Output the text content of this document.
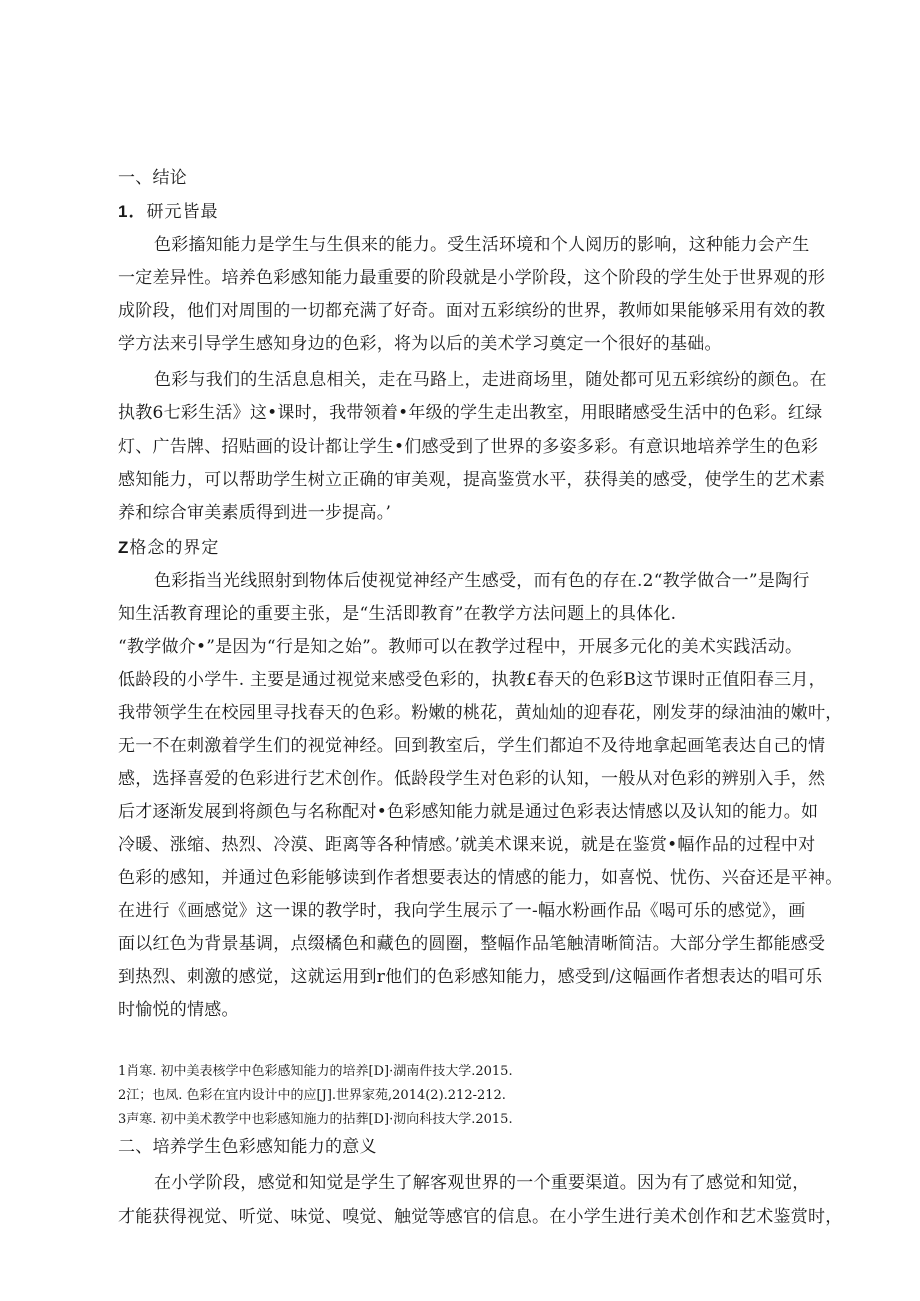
一、结论
1．研元皆最
色彩搐知能力是学生与生俱来的能力。受生活环境和个人阅历的影响，这种能力会产生
一定差异性。培养色彩感知能力最重要的阶段就是小学阶段，这个阶段的学生处于世界观的形
成阶段，他们对周围的一切都充满了好奇。面对五彩缤纷的世界，教师如果能够采用有效的教
学方法来引导学生感知身边的色彩，将为以后的美术学习奠定一个很好的基础。
色彩与我们的生活息息相关，走在马路上，走进商场里，随处都可见五彩缤纷的颜色。在
执教6七彩生活》这•课时，我带领着•年级的学生走出教室，用眼睹感受生活中的色彩。红绿
灯、广告牌、招贴画的设计都让学生•们感受到了世界的多姿多彩。有意识地培养学生的色彩
感知能力，可以帮助学生树立正确的审美观，提高鉴赏水平，获得美的感受，使学生的艺术素
养和综合审美素质得到进一步提高。’
Z格念的界定
色彩指当光线照射到物体后使视觉神经产生感受，而有色的存在.2“教学做合一”是陶行
知生活教育理论的重要主张，是“生活即教育”在教学方法问题上的具体化.
“教学做介•”是因为“行是知之始”。教师可以在教学过程中，开展多元化的美术实践活动。
低龄段的小学牛. 主要是通过视觉来感受色彩的，执教£春天的色彩B这节课时正值阳春三月，
我带领学生在校园里寻找春天的色彩。粉嫩的桃花，黄灿灿的迎春花，刚发芽的绿油油的嫩叶，
无一不在刺激着学生们的视觉神经。回到教室后，学生们都迫不及待地拿起画笔表达自己的情
感，选择喜爱的色彩进行艺术创作。低龄段学生对色彩的认知，一般从对色彩的辨别入手，然
后才逐渐发展到将颜色与名称配对•色彩感知能力就是通过色彩表达情感以及认知的能力。如
冷暖、涨缩、热烈、冷漠、距离等各种情感。’就美术课来说，就是在鉴赏•幅作品的过程中对
色彩的感知，并通过色彩能够读到作者想要表达的情感的能力，如喜悦、忧伤、兴奋还是平神。
在进行《画感觉》这一课的教学时，我向学生展示了一-幅水粉画作品《喝可乐的感觉》，画
面以红色为背景基调，点缀橘色和藏色的圆圈，整幅作品笔触清晰简洁。大部分学生都能感受
到热烈、刺激的感觉，这就运用到r他们的色彩感知能力，感受到/这幅画作者想表达的唱可乐
时愉悦的情感。
1肖寒. 初中美表核学中色彩感知能力的培养[D]·湖南件技大学.2015.
2江；也凤. 色彩在宜内设计中的应[J].世界家苑,2014(2).212-212.
3声寒. 初中美术教学中也彩感知施力的拈葬[D]·沏向科技大学.2015.
二、培养学生色彩感知能力的意义
在小学阶段，感觉和知觉是学生了解客观世界的一个重要渠道。因为有了感觉和知觉，
才能获得视觉、听觉、味觉、嗅觉、触觉等感官的信息。在小学生进行美术创作和艺术鉴赏时，
